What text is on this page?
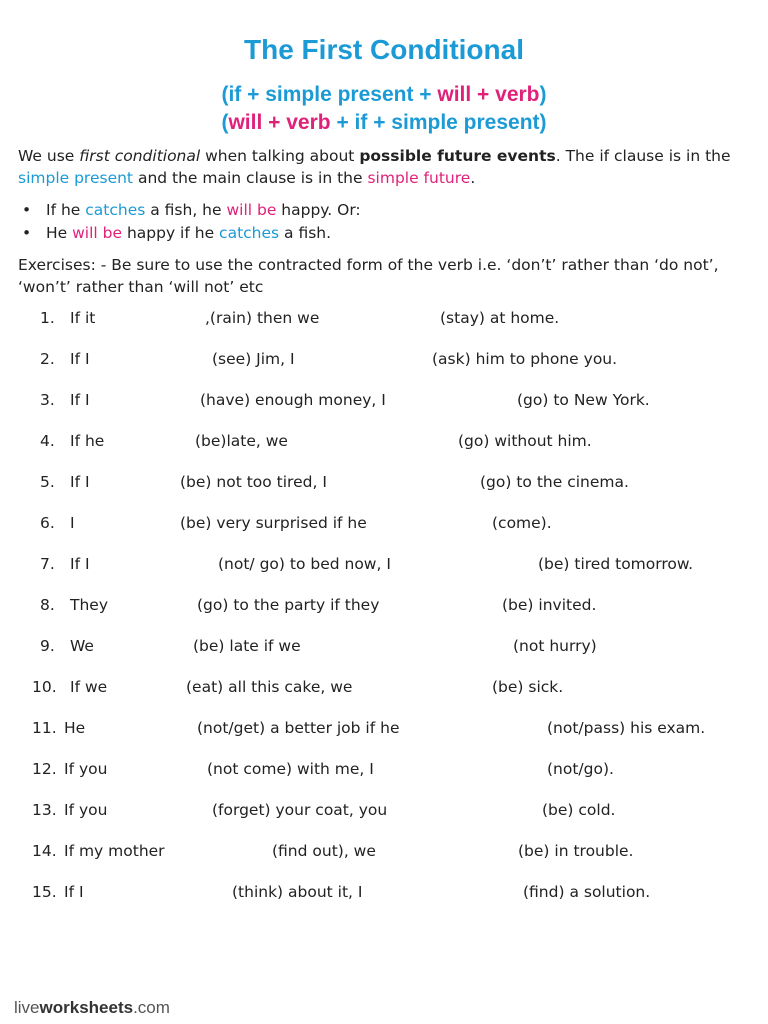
The First Conditional
(if + simple present + will + verb)
(will + verb + if + simple present)
We use first conditional when talking about possible future events. The if clause is in the simple present and the main clause is in the simple future.
• If he catches a fish, he will be happy. Or:
• He will be happy if he catches a fish.
Exercises: - Be sure to use the contracted form of the verb i.e. ‘don’t’ rather than ‘do not’, ‘won’t’ rather than ‘will not’ etc
1. If it	,(rain) then we	(stay) at home.
2. If I	(see) Jim, I	(ask) him to phone you.
3. If I	(have) enough money, I	(go) to New York.
4. If he	(be)late, we	(go) without him.
5. If I	(be) not too tired, I	(go) to the cinema.
6. I	(be) very surprised if he	(come).
7. If I	(not/ go) to bed now, I	(be) tired tomorrow.
8. They	(go) to the party if they	(be) invited.
9. We	(be) late if we	(not hurry)
10. If we	(eat) all this cake, we	(be) sick.
11. He	(not/get) a better job if he	(not/pass) his exam.
12. If you	(not come) with me, I	(not/go).
13. If you	(forget) your coat, you	(be) cold.
14. If my mother	(find out), we	(be) in trouble.
15. If I	(think) about it, I	(find) a solution.
liveworksheets.com
